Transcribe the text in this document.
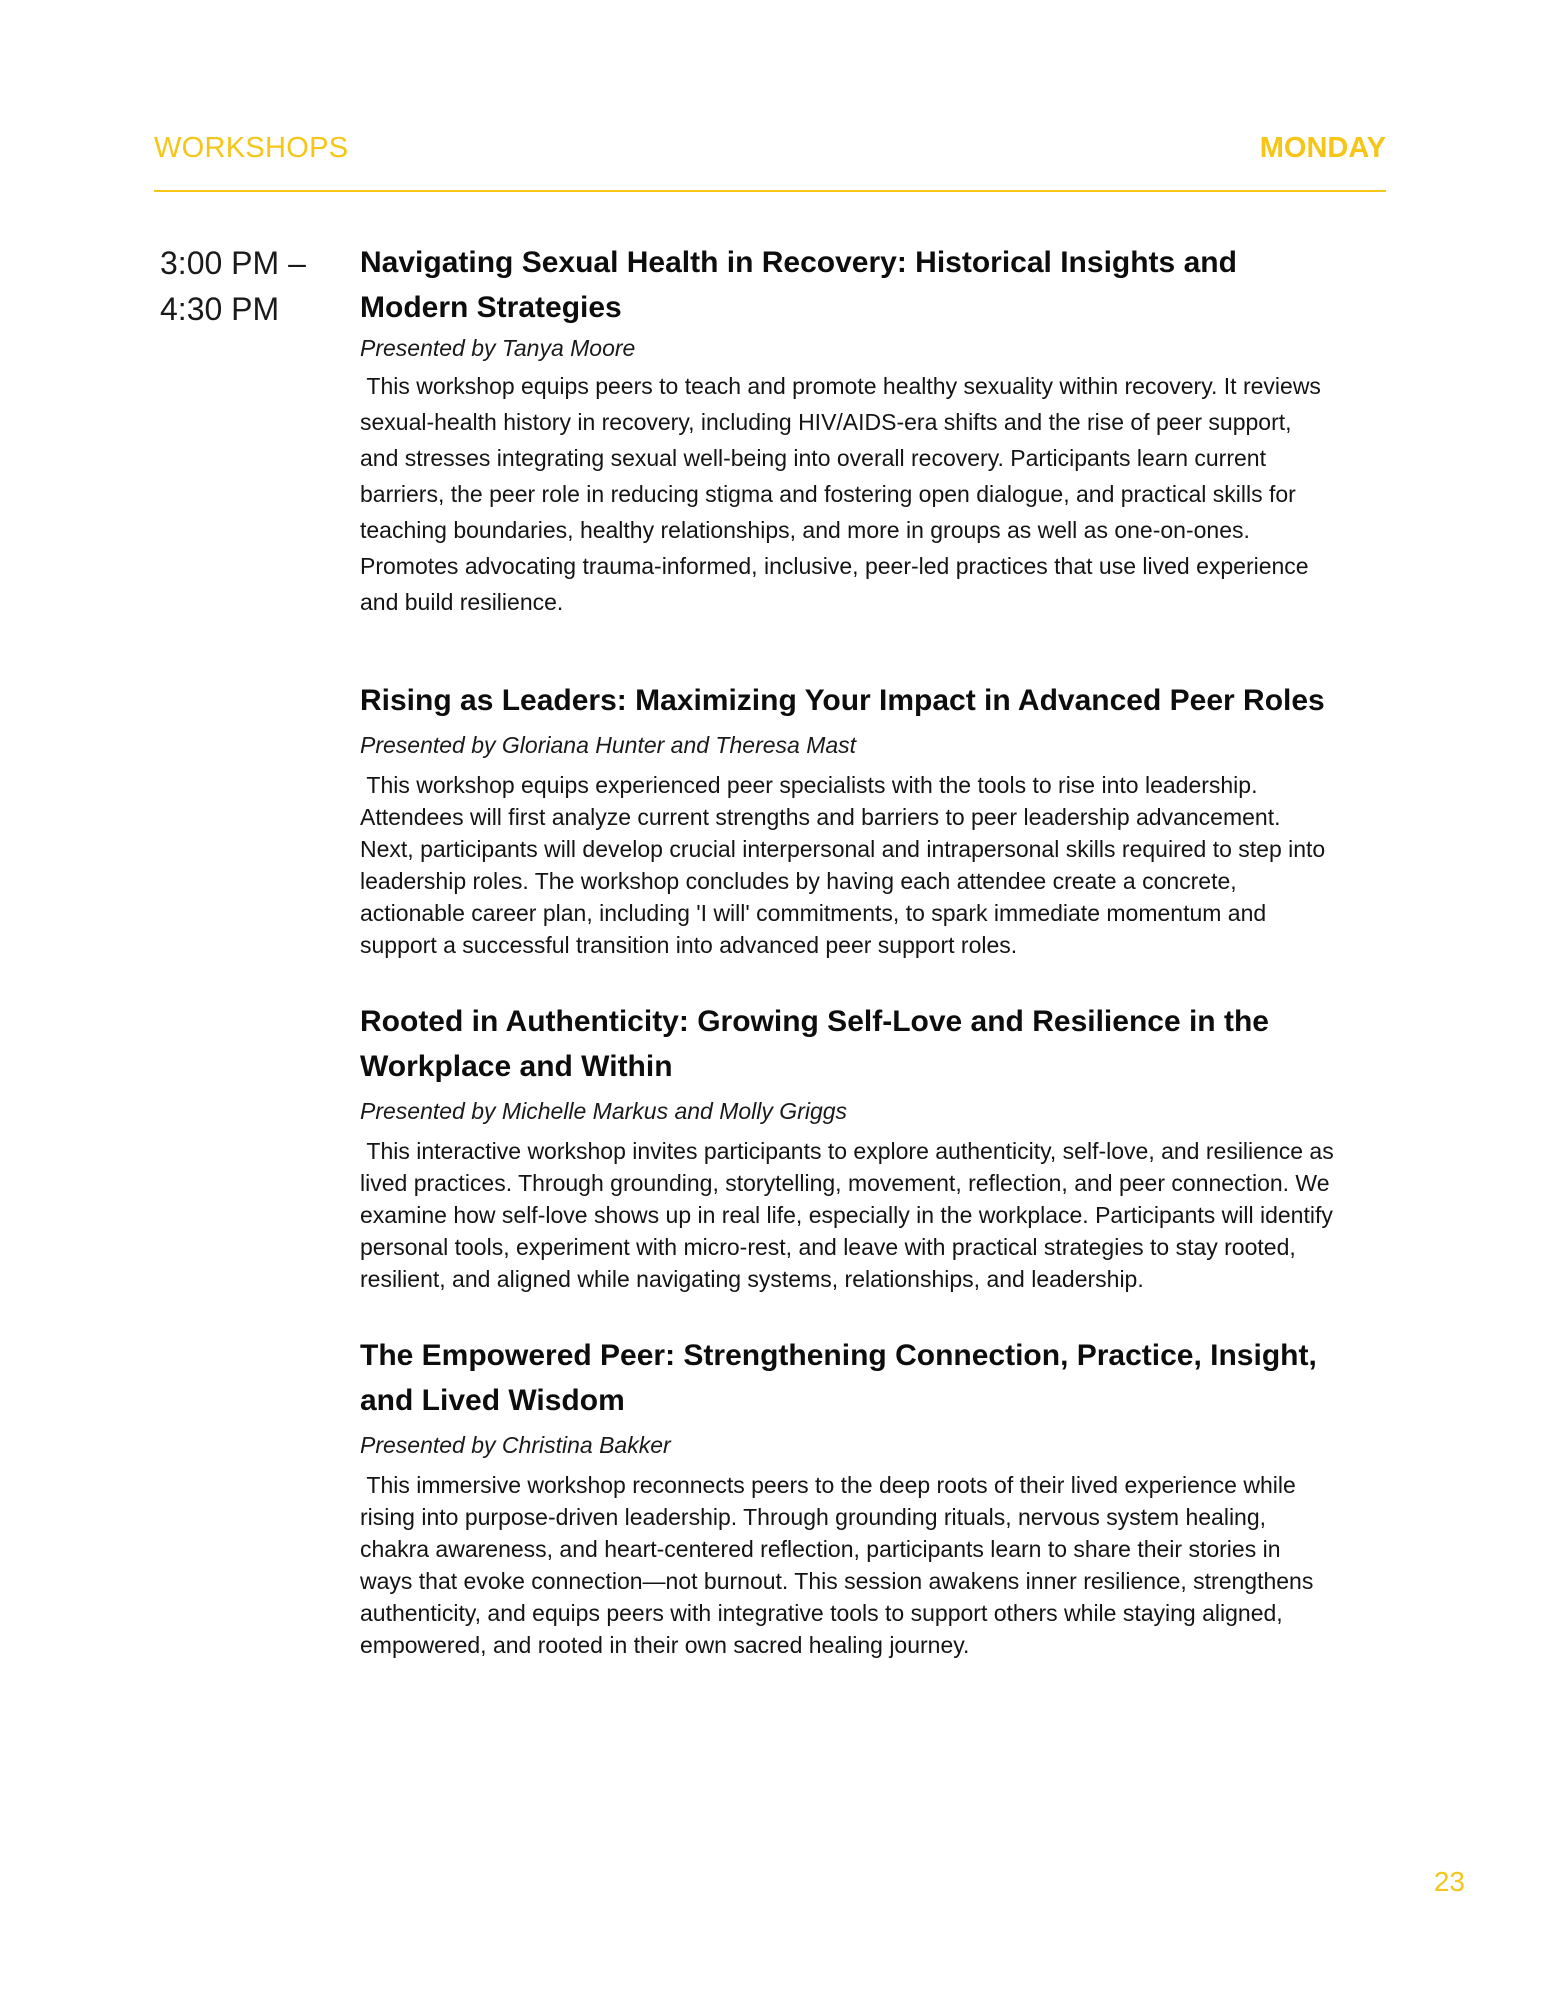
WORKSHOPS	MONDAY
3:00 PM –
4:30 PM
Navigating Sexual Health in Recovery: Historical Insights and Modern Strategies
Presented by Tanya Moore

This workshop equips peers to teach and promote healthy sexuality within recovery. It reviews sexual-health history in recovery, including HIV/AIDS-era shifts and the rise of peer support, and stresses integrating sexual well-being into overall recovery. Participants learn current barriers, the peer role in reducing stigma and fostering open dialogue, and practical skills for teaching boundaries, healthy relationships, and more in groups as well as one-on-ones. Promotes advocating trauma-informed, inclusive, peer-led practices that use lived experience and build resilience.

Rising as Leaders: Maximizing Your Impact in Advanced Peer Roles
Presented by Gloriana Hunter and Theresa Mast

This workshop equips experienced peer specialists with the tools to rise into leadership. Attendees will first analyze current strengths and barriers to peer leadership advancement. Next, participants will develop crucial interpersonal and intrapersonal skills required to step into leadership roles. The workshop concludes by having each attendee create a concrete, actionable career plan, including 'I will' commitments, to spark immediate momentum and support a successful transition into advanced peer support roles.

Rooted in Authenticity: Growing Self-Love and Resilience in the Workplace and Within
Presented by Michelle Markus and Molly Griggs

This interactive workshop invites participants to explore authenticity, self-love, and resilience as lived practices. Through grounding, storytelling, movement, reflection, and peer connection. We examine how self-love shows up in real life, especially in the workplace. Participants will identify personal tools, experiment with micro-rest, and leave with practical strategies to stay rooted, resilient, and aligned while navigating systems, relationships, and leadership.

The Empowered Peer: Strengthening Connection, Practice, Insight, and Lived Wisdom
Presented by Christina Bakker

This immersive workshop reconnects peers to the deep roots of their lived experience while rising into purpose-driven leadership. Through grounding rituals, nervous system healing, chakra awareness, and heart-centered reflection, participants learn to share their stories in ways that evoke connection—not burnout. This session awakens inner resilience, strengthens authenticity, and equips peers with integrative tools to support others while staying aligned, empowered, and rooted in their own sacred healing journey.

23
